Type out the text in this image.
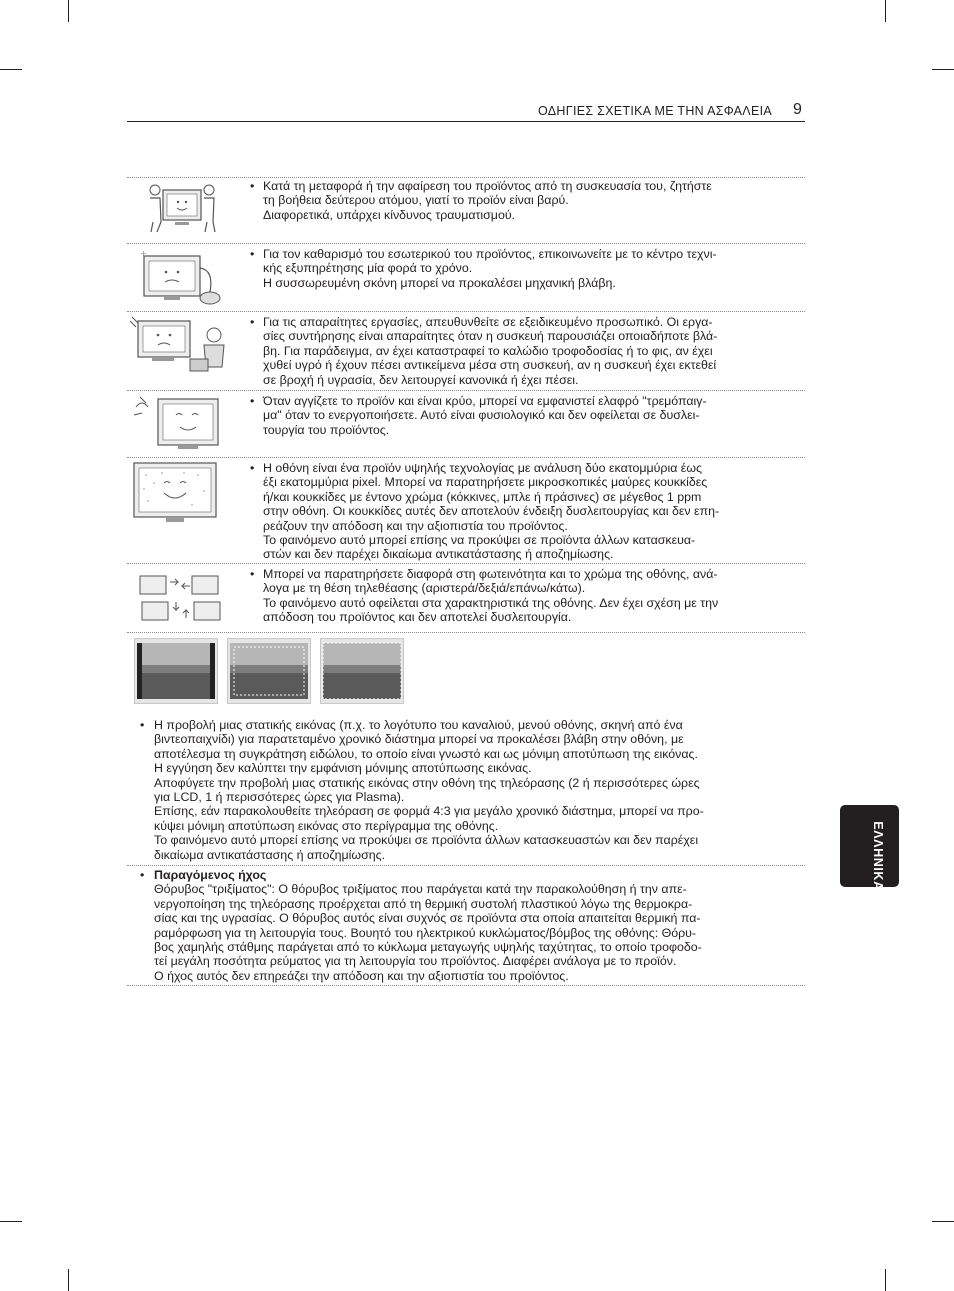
ΟΔΗΓΙΕΣ ΣΧΕΤΙΚΑ ΜΕ ΤΗΝ ΑΣΦΑΛΕΙΑ 9
ΕΛΛΗΝΙΚΑ
• Κατά τη μεταφορά ή την αφαίρεση του προϊόντος από τη συσκευασία του, ζητήστε
τη βοήθεια δεύτερου ατόμου, γιατί το προϊόν είναι βαρύ.
Διαφορετικά, υπάρχει κίνδυνος τραυματισμού.

+	• Για τον καθαρισμό του εσωτερικού του προϊόντος, επικοινωνείτε με το κέντρο τεχνι-
κής εξυπηρέτησης μία φορά το χρόνο.
Η συσσωρευμένη σκόνη μπορεί να προκαλέσει μηχανική βλάβη.

• Για τις απαραίτητες εργασίες, απευθυνθείτε σε εξειδικευμένο προσωπικό. Οι εργα-
σίες συντήρησης είναι απαραίτητες όταν η συσκευή παρουσιάζει οποιαδήποτε βλά-
βη. Για παράδειγμα, αν έχει καταστραφεί το καλώδιο τροφοδοσίας ή το φις, αν έχει
χυθεί υγρό ή έχουν πέσει αντικείμενα μέσα στη συσκευή, αν η συσκευή έχει εκτεθεί
σε βροχή ή υγρασία, δεν λειτουργεί κανονικά ή έχει πέσει.

• Όταν αγγίζετε το προϊόν και είναι κρύο, μπορεί να εμφανιστεί ελαφρό "τρεμόπαιγ-
μα" όταν το ενεργοποιήσετε. Αυτό είναι φυσιολογικό και δεν οφείλεται σε δυσλει-
τουργία του προϊόντος.

• Η οθόνη είναι ένα προϊόν υψηλής τεχνολογίας με ανάλυση δύο εκατομμύρια έως
έξι εκατομμύρια pixel. Μπορεί να παρατηρήσετε μικροσκοπικές μαύρες κουκκίδες
ή/και κουκκίδες με έντονο χρώμα (κόκκινες, μπλε ή πράσινες) σε μέγεθος 1 ppm
στην οθόνη. Οι κουκκίδες αυτές δεν αποτελούν ένδειξη δυσλειτουργίας και δεν επη-
ρεάζουν την απόδοση και την αξιοπιστία του προϊόντος.
Το φαινόμενο αυτό μπορεί επίσης να προκύψει σε προϊόντα άλλων κατασκευα-
στών και δεν παρέχει δικαίωμα αντικατάστασης ή αποζημίωσης.

• Μπορεί να παρατηρήσετε διαφορά στη φωτεινότητα και το χρώμα της οθόνης, ανά-
λογα με τη θέση τηλεθέασης (αριστερά/δεξιά/επάνω/κάτω).
Το φαινόμενο αυτό οφείλεται στα χαρακτηριστικά της οθόνης. Δεν έχει σχέση με την
απόδοση του προϊόντος και δεν αποτελεί δυσλειτουργία.

• Η προβολή μιας στατικής εικόνας (π.χ. το λογότυπο του καναλιού, μενού οθόνης, σκηνή από ένα
βιντεοπαιχνίδι) για παρατεταμένο χρονικό διάστημα μπορεί να προκαλέσει βλάβη στην οθόνη, με
αποτέλεσμα τη συγκράτηση ειδώλου, το οποίο είναι γνωστό και ως μόνιμη αποτύπωση της εικόνας.
Η εγγύηση δεν καλύπτει την εμφάνιση μόνιμης αποτύπωσης εικόνας.
Αποφύγετε την προβολή μιας στατικής εικόνας στην οθόνη της τηλεόρασης (2 ή περισσότερες ώρες
για LCD, 1 ή περισσότερες ώρες για Plasma).
Επίσης, εάν παρακολουθείτε τηλεόραση σε φορμά 4:3 για μεγάλο χρονικό διάστημα, μπορεί να προ-
κύψει μόνιμη αποτύπωση εικόνας στο περίγραμμα της οθόνης.
Το φαινόμενο αυτό μπορεί επίσης να προκύψει σε προϊόντα άλλων κατασκευαστών και δεν παρέχει
δικαίωμα αντικατάστασης ή αποζημίωσης.

• Παραγόμενος ήχος
Θόρυβος "τριξίματος": Ο θόρυβος τριξίματος που παράγεται κατά την παρακολούθηση ή την απε-
νεργοποίηση της τηλεόρασης προέρχεται από τη θερμική συστολή πλαστικού λόγω της θερμοκρα-
σίας και της υγρασίας. Ο θόρυβος αυτός είναι συχνός σε προϊόντα στα οποία απαιτείται θερμική πα-
ραμόρφωση για τη λειτουργία τους. Βουητό του ηλεκτρικού κυκλώματος/βόμβος της οθόνης: Θόρυ-
βος χαμηλής στάθμης παράγεται από το κύκλωμα μεταγωγής υψηλής ταχύτητας, το οποίο τροφοδο-
τεί μεγάλη ποσότητα ρεύματος για τη λειτουργία του προϊόντος. Διαφέρει ανάλογα με το προϊόν.
Ο ήχος αυτός δεν επηρεάζει την απόδοση και την αξιοπιστία του προϊόντος.
